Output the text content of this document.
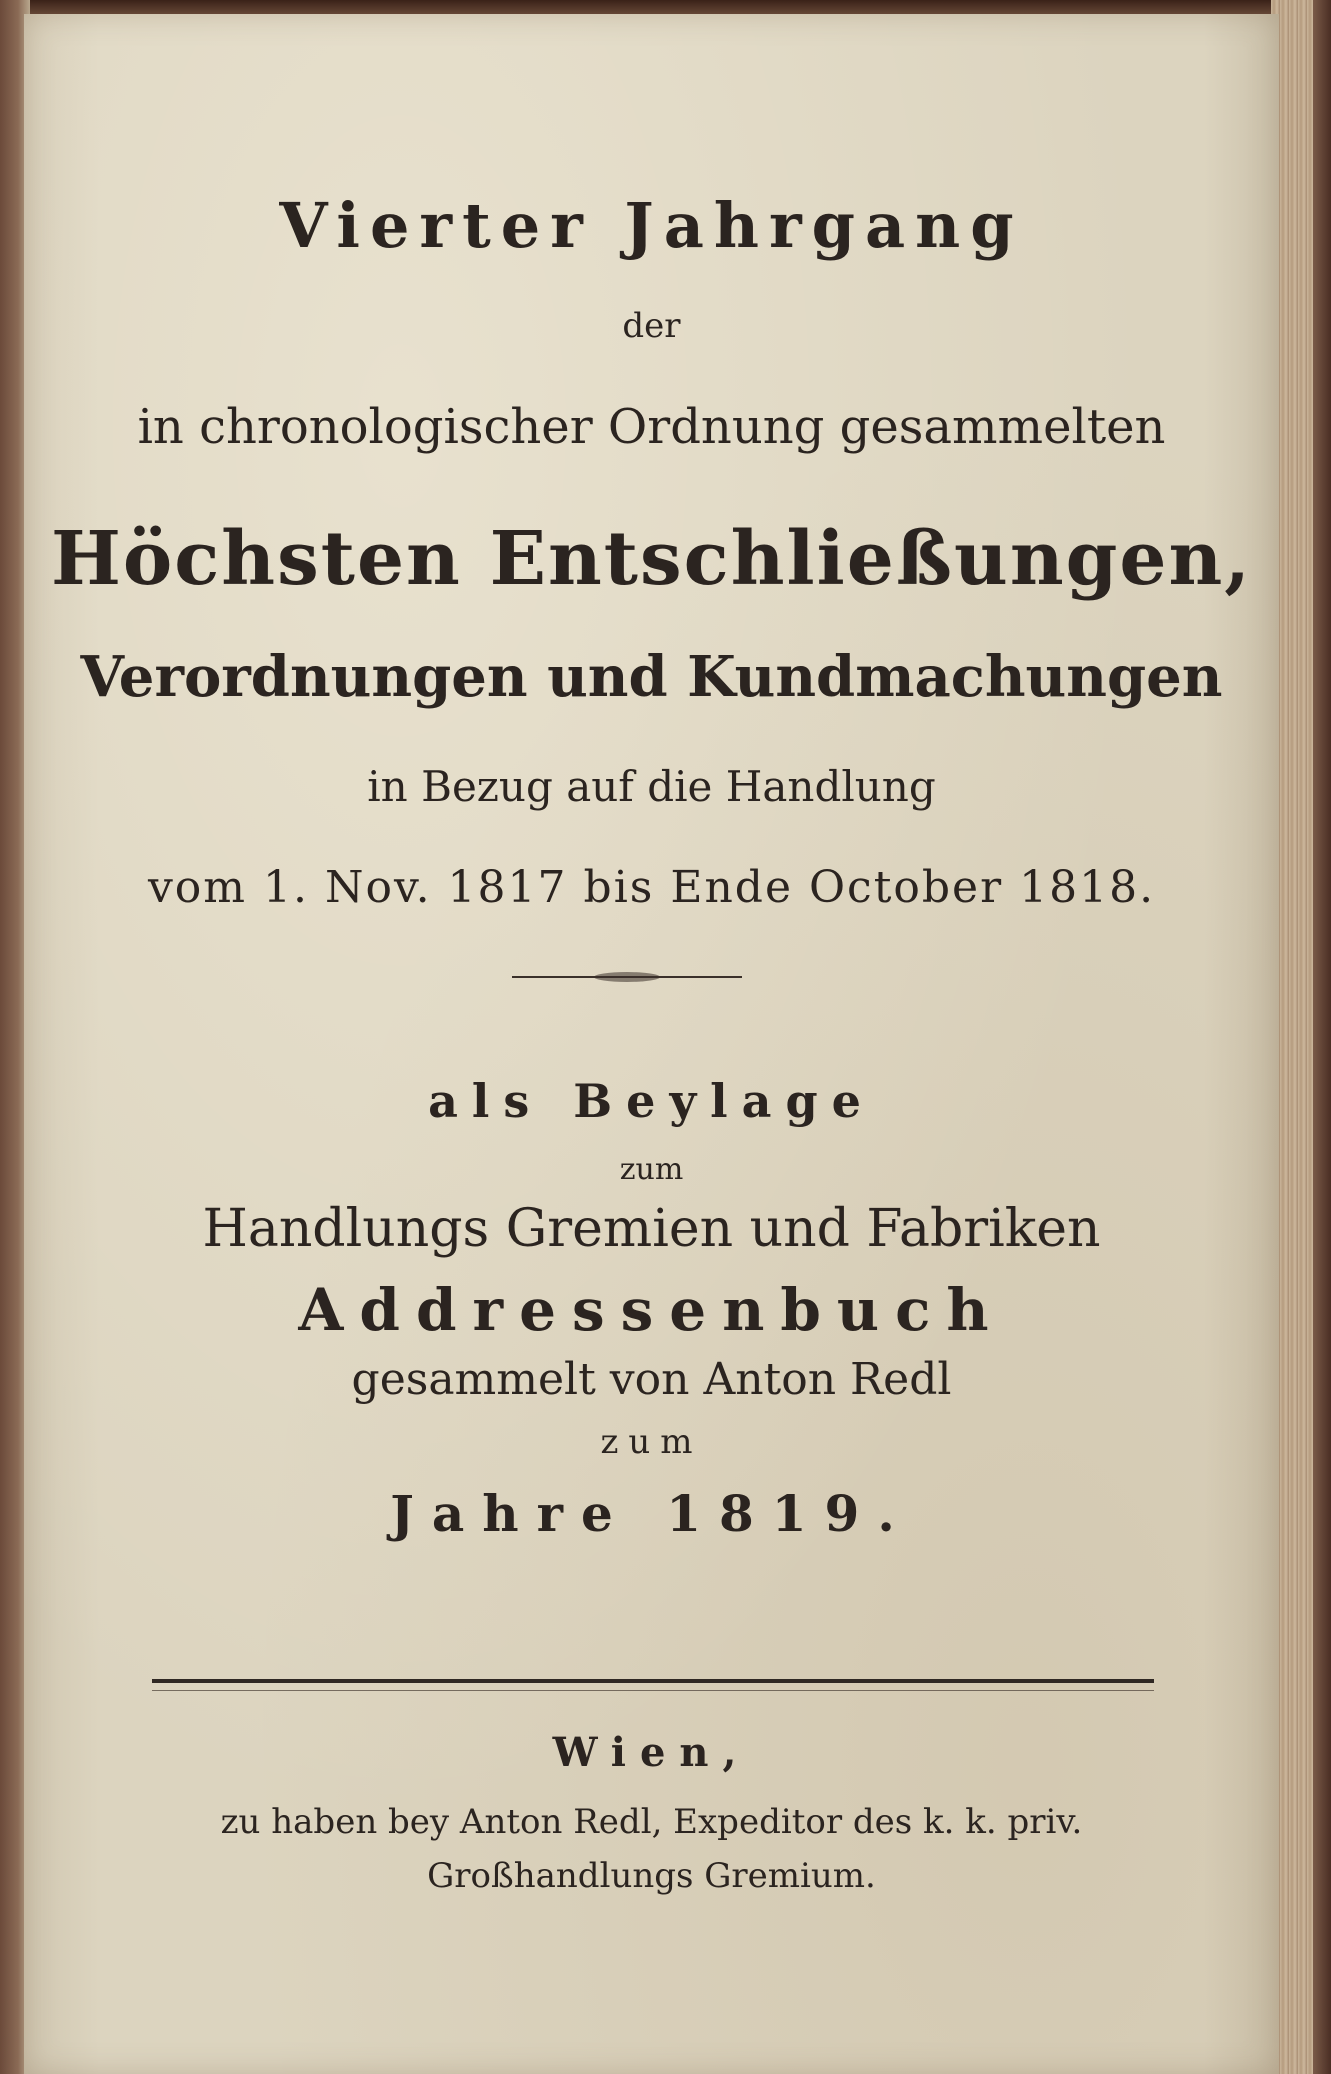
Vierter Jahrgang
der
in chronologischer Ordnung gesammelten
Höchsten Entschließungen,
Verordnungen und Kundmachungen
in Bezug auf die Handlung
vom 1. Nov. 1817 bis Ende October 1818.
als Beylage
zum
Handlungs Gremien und Fabriken
Addressenbuch
gesammelt von Anton Redl
zum
Jahre 1819.
Wien,
zu haben bey Anton Redl, Expeditor des k. k. priv.
Großhandlungs Gremium.
